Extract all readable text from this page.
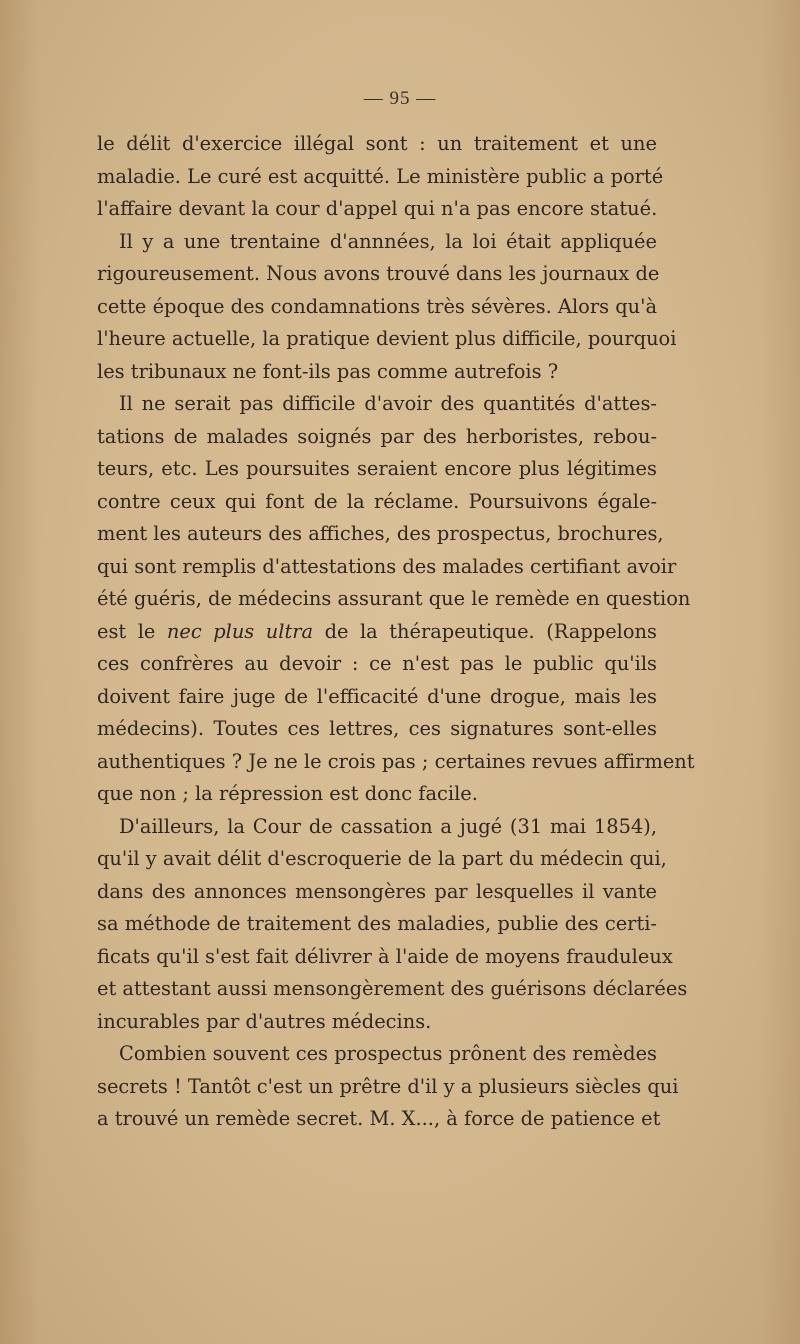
— 95 —
le délit d'exercice illégal sont : un traitement et une
maladie. Le curé est acquitté. Le ministère public a porté
l'affaire devant la cour d'appel qui n'a pas encore statué.
Il y a une trentaine d'annnées, la loi était appliquée
rigoureusement. Nous avons trouvé dans les journaux de
cette époque des condamnations très sévères. Alors qu'à
l'heure actuelle, la pratique devient plus difficile, pourquoi
les tribunaux ne font-ils pas comme autrefois ?
Il ne serait pas difficile d'avoir des quantités d'attes-
tations de malades soignés par des herboristes, rebou-
teurs, etc. Les poursuites seraient encore plus légitimes
contre ceux qui font de la réclame. Poursuivons égale-
ment les auteurs des affiches, des prospectus, brochures,
qui sont remplis d'attestations des malades certifiant avoir
été guéris, de médecins assurant que le remède en question
est le nec plus ultra de la thérapeutique. (Rappelons
ces confrères au devoir : ce n'est pas le public qu'ils
doivent faire juge de l'efficacité d'une drogue, mais les
médecins). Toutes ces lettres, ces signatures sont-elles
authentiques ? Je ne le crois pas ; certaines revues affirment
que non ; la répression est donc facile.
D'ailleurs, la Cour de cassation a jugé (31 mai 1854),
qu'il y avait délit d'escroquerie de la part du médecin qui,
dans des annonces mensongères par lesquelles il vante
sa méthode de traitement des maladies, publie des certi-
ficats qu'il s'est fait délivrer à l'aide de moyens frauduleux
et attestant aussi mensongèrement des guérisons déclarées
incurables par d'autres médecins.
Combien souvent ces prospectus prônent des remèdes
secrets ! Tantôt c'est un prêtre d'il y a plusieurs siècles qui
a trouvé un remède secret. M. X..., à force de patience et
